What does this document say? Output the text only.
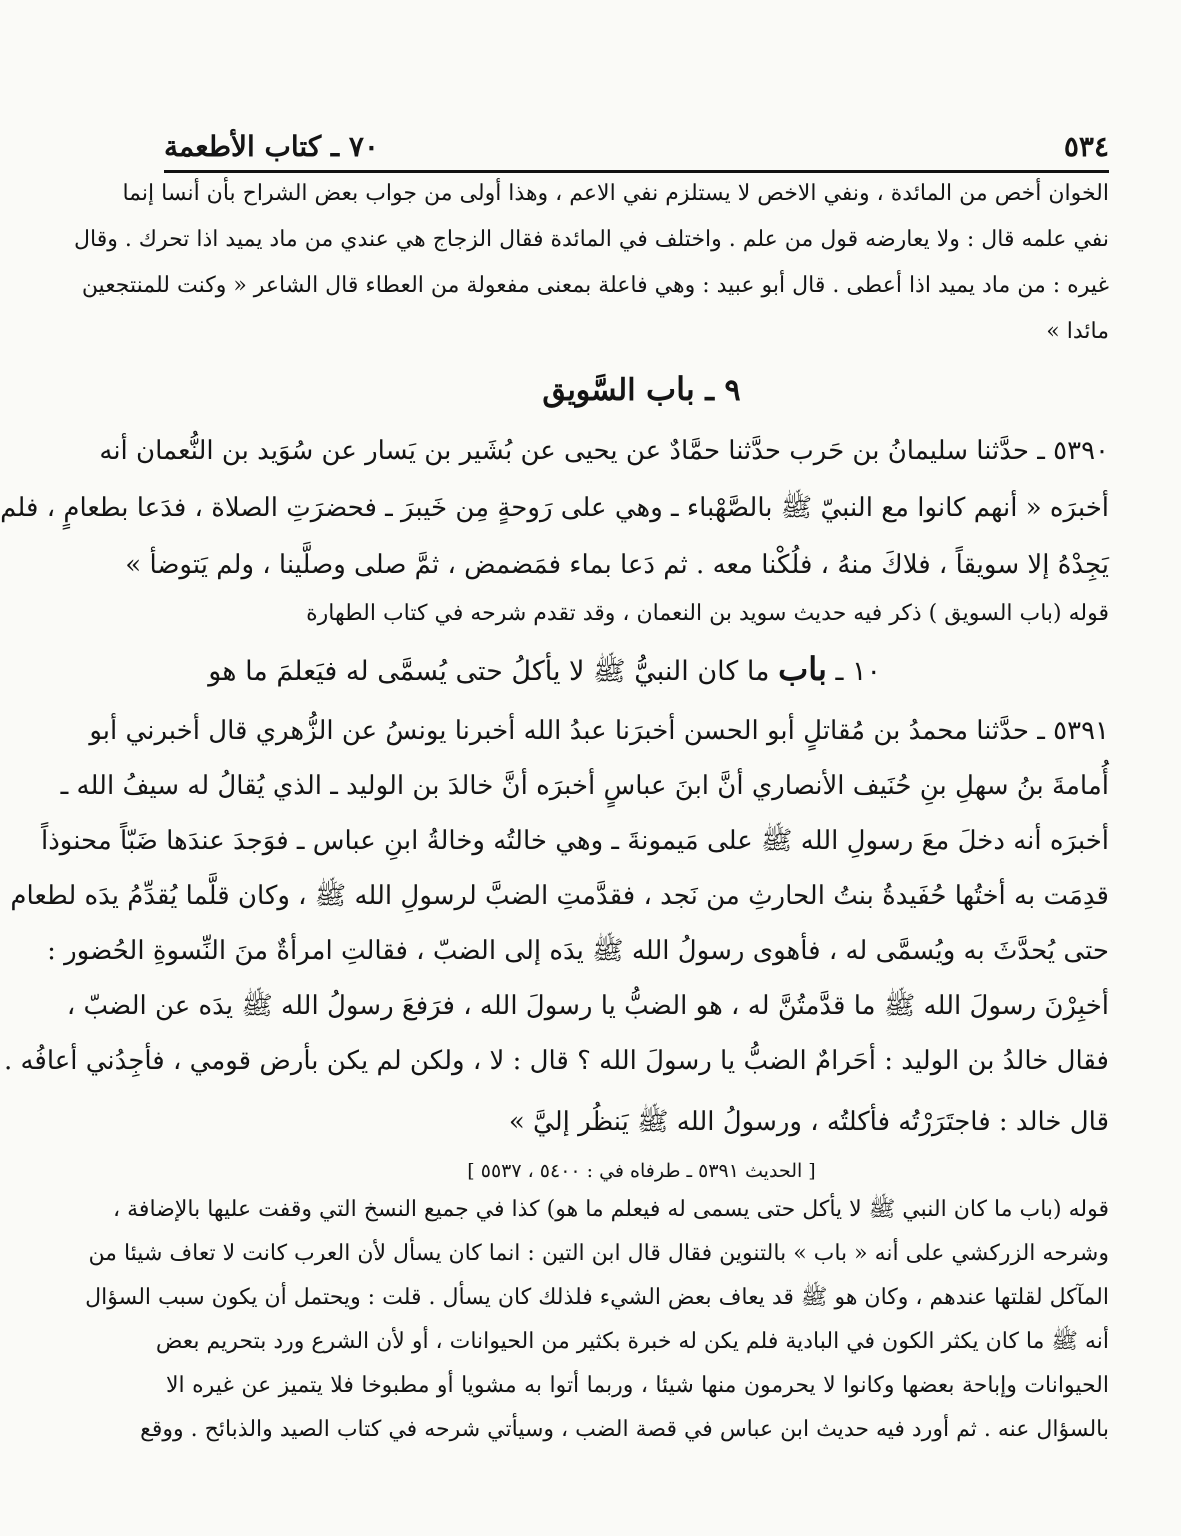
٥٣٤
٧٠ ـ كتاب الأطعمة
الخوان أخص من المائدة ، ونفي الاخص لا يستلزم نفي الاعم ، وهذا أولى من جواب بعض الشراح بأن أنسا إنما
نفي علمه قال : ولا يعارضه قول من علم . واختلف في المائدة فقال الزجاج هي عندي من ماد يميد اذا تحرك . وقال
غيره : من ماد يميد اذا أعطى . قال أبو عبيد : وهي فاعلة بمعنى مفعولة من العطاء قال الشاعر « وكنت للمنتجعين
مائدا »
٩ ـ باب السَّويق
٥٣٩٠ ـ حدَّثنا سليمانُ بن حَرب حدَّثنا حمَّادٌ عن يحيى عن بُشَير بن يَسار عن سُوَيد بن النُّعمان أنه
أخبرَه « أنهم كانوا مع النبيّ ﷺ بالصَّهْباء ـ وهي على رَوحةٍ مِن خَيبرَ ـ فحضرَتِ الصلاة ، فدَعا بطعامٍ ، فلم
يَجِدْهُ إلا سويقاً ، فلاكَ منهُ ، فلُكْنا معه . ثم دَعا بماء فمَضمض ، ثمَّ صلى وصلَّينا ، ولم يَتوضأ »
قوله (باب السويق ) ذكر فيه حديث سويد بن النعمان ، وقد تقدم شرحه في كتاب الطهارة
١٠ ـ باب ما كان النبيُّ ﷺ لا يأكلُ حتى يُسمَّى له فيَعلمَ ما هو
٥٣٩١ ـ حدَّثنا محمدُ بن مُقاتلٍ أبو الحسن أخبرَنا عبدُ الله أخبرنا يونسُ عن الزُّهري قال أخبرني أبو
أُمامةَ بنُ سهلِ بنِ حُنَيف الأنصاري أنَّ ابنَ عباسٍ أخبرَه أنَّ خالدَ بن الوليد ـ الذي يُقالُ له سيفُ الله ـ
أخبرَه أنه دخلَ معَ رسولِ الله ﷺ على مَيمونةَ ـ وهي خالتُه وخالةُ ابنِ عباس ـ فوَجدَ عندَها ضَبّاً محنوذاً
قدِمَت به أختُها حُفَيدةُ بنتُ الحارثِ من نَجد ، فقدَّمتِ الضبَّ لرسولِ الله ﷺ ، وكان قلَّما يُقدِّمُ يدَه لطعام
حتى يُحدَّثَ به ويُسمَّى له ، فأهوى رسولُ الله ﷺ يدَه إلى الضبّ ، فقالتِ امرأةٌ منَ النِّسوةِ الحُضور :
أخبِرْنَ رسولَ الله ﷺ ما قدَّمتُنَّ له ، هو الضبُّ يا رسولَ الله ، فرَفعَ رسولُ الله ﷺ يدَه عن الضبّ ،
فقال خالدُ بن الوليد : أحَرامٌ الضبُّ يا رسولَ الله ؟ قال : لا ، ولكن لم يكن بأرض قومي ، فأجِدُني أعافُه .
قال خالد : فاجتَرَرْتُه فأكلتُه ، ورسولُ الله ﷺ يَنظُر إليَّ »
[ الحديث ٥٣٩١ ـ طرفاه في : ٥٤٠٠ ، ٥٥٣٧ ]
قوله (باب ما كان النبي ﷺ لا يأكل حتى يسمى له فيعلم ما هو) كذا في جميع النسخ التي وقفت عليها بالإضافة ،
وشرحه الزركشي على أنه « باب » بالتنوين فقال قال ابن التين : انما كان يسأل لأن العرب كانت لا تعاف شيئا من
المآكل لقلتها عندهم ، وكان هو ﷺ قد يعاف بعض الشيء فلذلك كان يسأل . قلت : ويحتمل أن يكون سبب السؤال
أنه ﷺ ما كان يكثر الكون في البادية فلم يكن له خبرة بكثير من الحيوانات ، أو لأن الشرع ورد بتحريم بعض
الحيوانات وإباحة بعضها وكانوا لا يحرمون منها شيئا ، وربما أتوا به مشويا أو مطبوخا فلا يتميز عن غيره الا
بالسؤال عنه . ثم أورد فيه حديث ابن عباس في قصة الضب ، وسيأتي شرحه في كتاب الصيد والذبائح . ووقع
